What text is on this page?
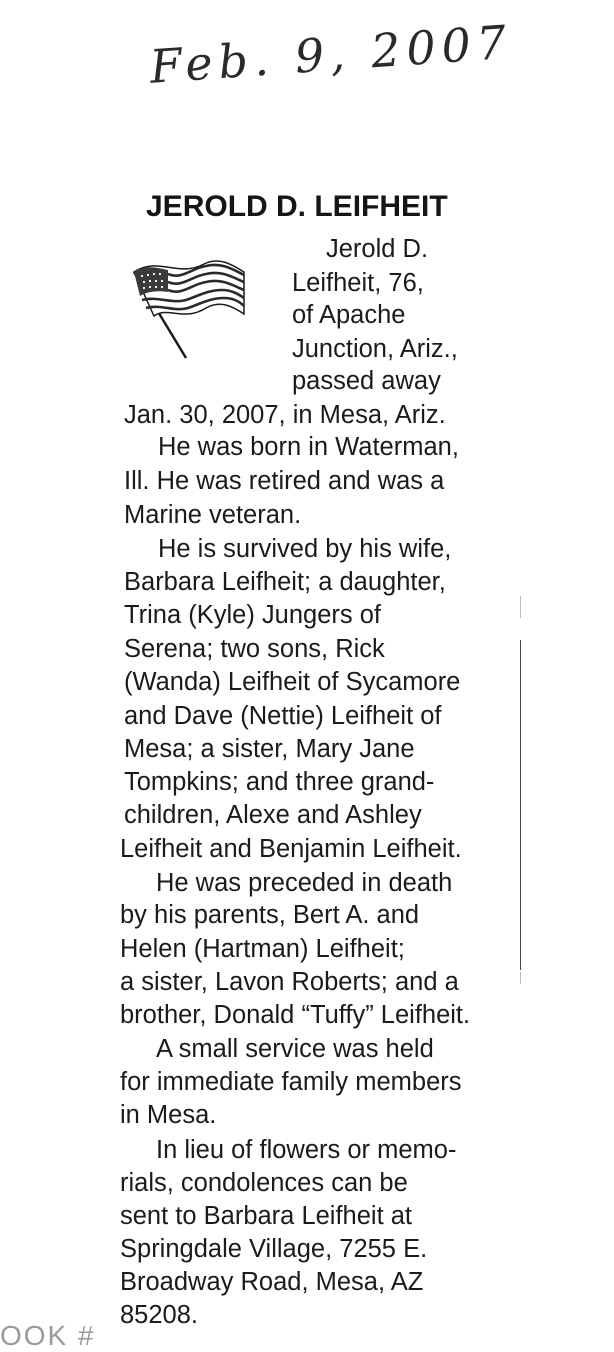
Feb. 9, 2007
JEROLD D. LEIFHEIT
Jerold D.
Leifheit, 76,
of Apache
Junction, Ariz.,
passed away
Jan. 30, 2007, in Mesa, Ariz.
He was born in Waterman,
Ill. He was retired and was a
Marine veteran.
He is survived by his wife,
Barbara Leifheit; a daughter,
Trina (Kyle) Jungers of
Serena; two sons, Rick
(Wanda) Leifheit of Sycamore
and Dave (Nettie) Leifheit of
Mesa; a sister, Mary Jane
Tompkins; and three grand-
children, Alexe and Ashley
Leifheit and Benjamin Leifheit.
He was preceded in death
by his parents, Bert A. and
Helen (Hartman) Leifheit;
a sister, Lavon Roberts; and a
brother, Donald “Tuffy” Leifheit.
A small service was held
for immediate family members
in Mesa.
In lieu of flowers or memo-
rials, condolences can be
sent to Barbara Leifheit at
Springdale Village, 7255 E.
Broadway Road, Mesa, AZ
85208.
OOK #
